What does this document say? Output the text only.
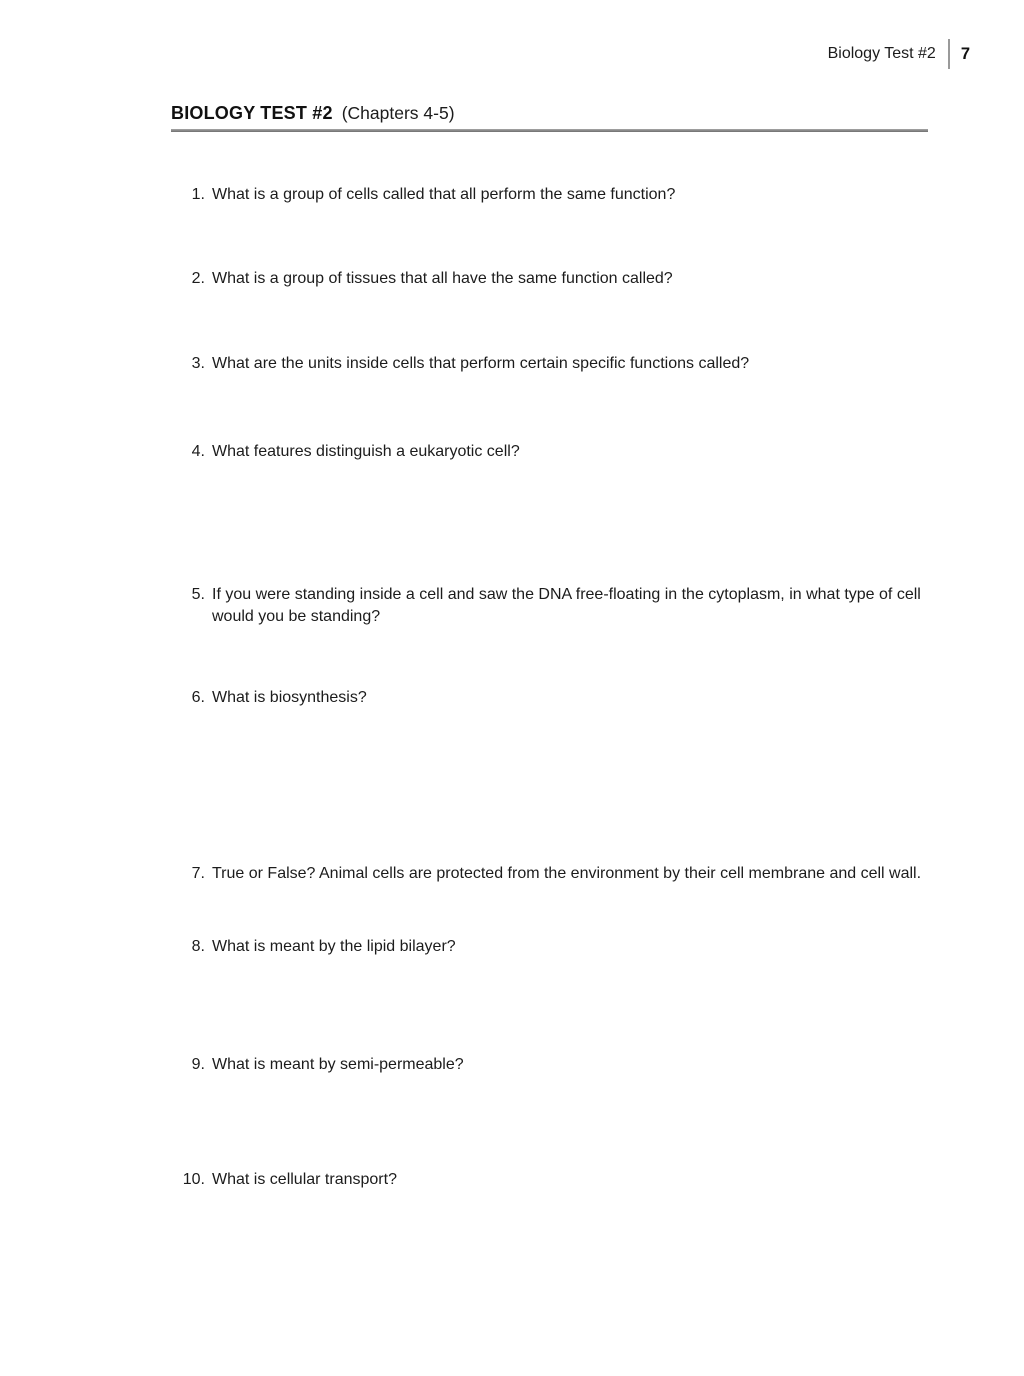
Biology Test #2 7
BIOLOGY TEST #2 (Chapters 4-5)
1. What is a group of cells called that all perform the same function?
2. What is a group of tissues that all have the same function called?
3. What are the units inside cells that perform certain specific functions called?
4. What features distinguish a eukaryotic cell?
5. If you were standing inside a cell and saw the DNA free-floating in the cytoplasm, in what type of cell would you be standing?
6. What is biosynthesis?
7. True or False? Animal cells are protected from the environment by their cell membrane and cell wall.
8. What is meant by the lipid bilayer?
9. What is meant by semi-permeable?
10. What is cellular transport?
